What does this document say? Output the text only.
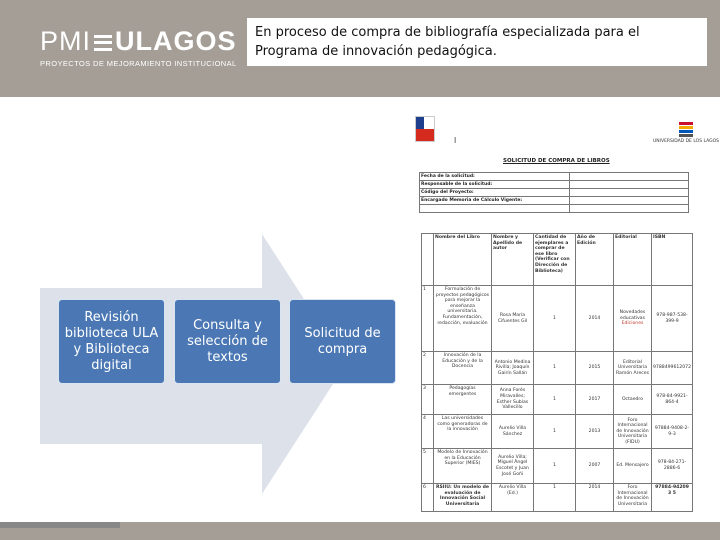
PMI ULAGOS
PROYECTOS DE MEJORAMIENTO INSTITUCIONAL
En proceso de compra de bibliografía especializada para el Programa de innovación pedagógica.
Revisión biblioteca ULA y Biblioteca digital
Consulta y selección de textos
Solicitud de compra
l	UNIVERSIDAD DE LOS LAGOS
SOLICITUD DE COMPRA DE LIBROS
Fecha de la solicitud:	
Responsable de la solicitud:	
Código del Proyecto:	
Encargado Memoria de Cálculo Vigente:	

	Nombre del Libro	Nombre y Apellido de autor	Cantidad de ejemplares a comprar de ese libro (Verificar con Dirección de Biblioteca)	Año de Edición	Editorial	ISBN
1	Formulación de proyectos pedagógicos para mejorar la enseñanza universitaria. Fundamentación, redacción, evaluación	Rosa María Cifuentes Gil	1	2014	Novedades educativas Ediciones	978-987-538-399-9
2	Innovación de la Educación y de la Docencia	Antonio Medina Rivilla; Joaquín Gairín Sallán	1	2015	Editorial Universitaria Ramón Areces	9788499612072
3	Pedagogías emergentes	Anna Forés Miravalles; Esther Subías Vallecillo	1	2017	Octaedro	978-84-9921-864-4
4	Las universidades como generadoras de la innovación	Aurelio Villa Sánchez	1	2013	Foro Internacional de Innovación Universitaria (FIDU)	97884-9408-2-9-3
5	Modelo de Innovación en la Educación Superior (MIES)	Aurelio Villa; Miguel Ángel Escotet y Juan José Goñi	1	2007	Ed. Mensajero	978-84-271-2886-6
6	RSIIU: Un modelo de evaluación de Innovación Social Universitaria	Aurelio Villa (Ed.)	1	2014	Foro Internacional de Innovación Universitaria	97884-94209 3 5
